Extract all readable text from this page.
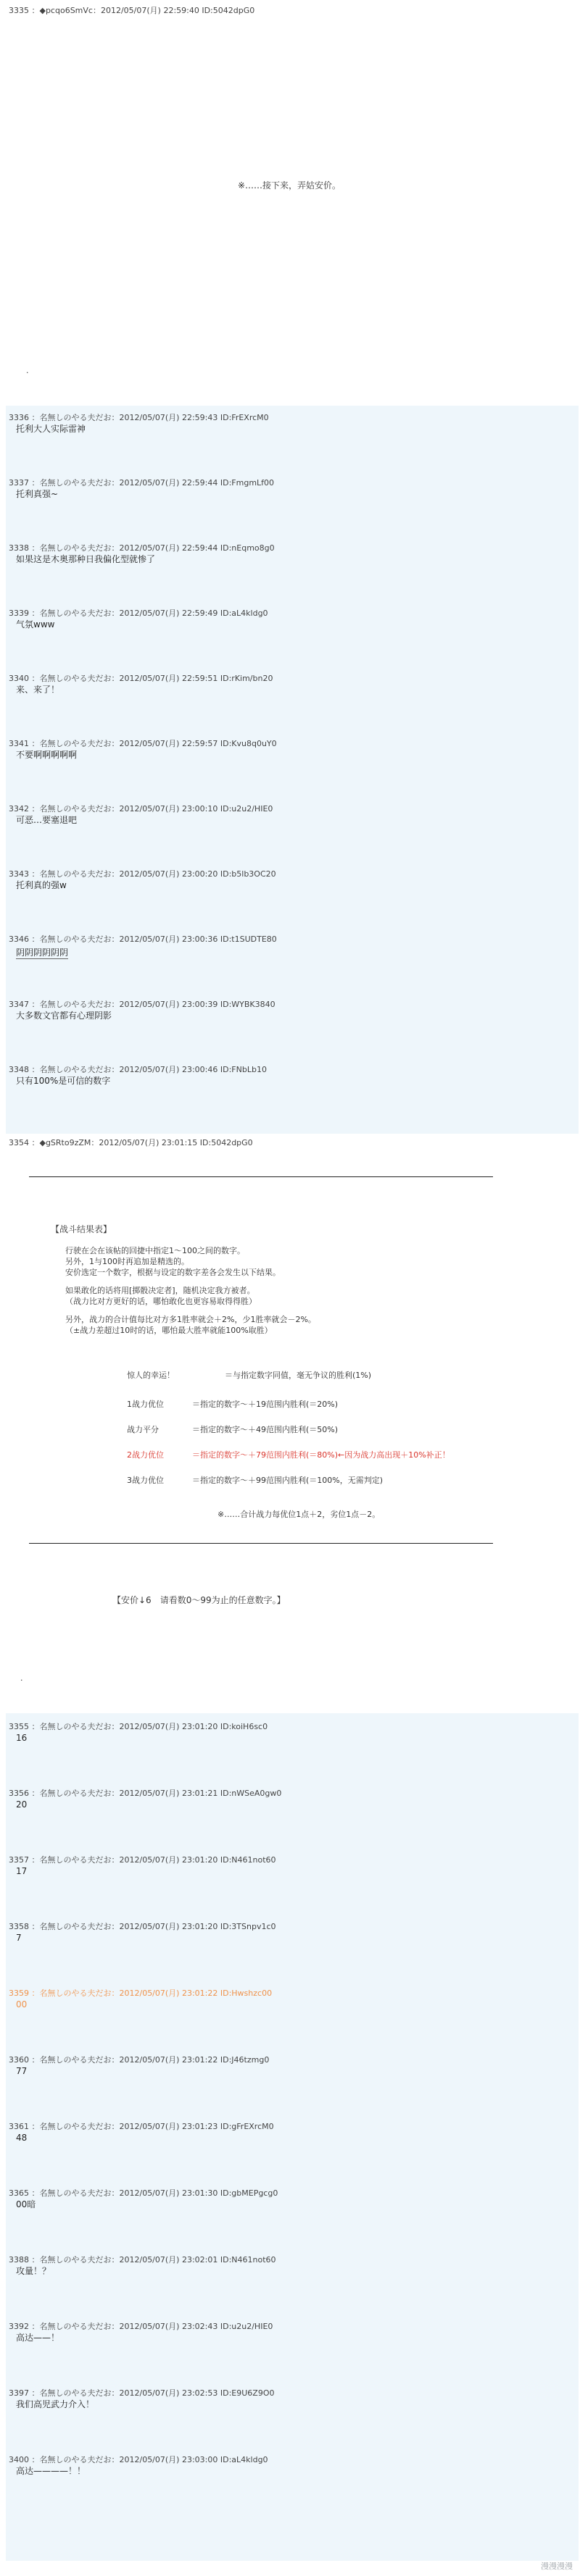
3335 ：◆pcqo6SmVc：2012/05/07(月) 22:59:40 ID:5042dpG0
※……接下来，弄姑安价。
.
3336 ：名無しのやる夫だお：2012/05/07(月) 22:59:43 ID:FrEXrcM0
托利大人实际雷神
3337 ：名無しのやる夫だお：2012/05/07(月) 22:59:44 ID:FmgmLf00
托利真强~
3338 ：名無しのやる夫だお：2012/05/07(月) 22:59:44 ID:nEqmo8g0
如果这是木奥那种日我偏化型就惨了
3339 ：名無しのやる夫だお：2012/05/07(月) 22:59:49 ID:aL4kldg0
气氛www
3340 ：名無しのやる夫だお：2012/05/07(月) 22:59:51 ID:rKim/bn20
来、来了！
3341 ：名無しのやる夫だお：2012/05/07(月) 22:59:57 ID:Kvu8q0uY0
不要啊啊啊啊啊
3342 ：名無しのやる夫だお：2012/05/07(月) 23:00:10 ID:u2u2/HIE0
可恶…要塞退吧
3343 ：名無しのやる夫だお：2012/05/07(月) 23:00:20 ID:b5lb3OC20
托利真的强w
3346 ：名無しのやる夫だお：2012/05/07(月) 23:00:36 ID:t1SUDTE80
阴阴阴阴阴阴
3347 ：名無しのやる夫だお：2012/05/07(月) 23:00:39 ID:WYBK3840
大多数文官都有心理阴影
3348 ：名無しのやる夫だお：2012/05/07(月) 23:00:46 ID:FNbLb10
只有100%是可信的数字
3354 ：◆gSRto9zZM：2012/05/07(月) 23:01:15 ID:5042dpG0
【战斗结果表】
行驶在会在该帖的回捷中指定1～100之间的数字。
另外，1与100时再追加是精选的。
安价选定一个数字，根据与设定的数字差各会发生以下结果。
如果敢化的话将用[掷骰决定者]，随机决定我方被者。
（战力比对方更好的话，哪怕敢化也更容易取得得胜）
另外，战力的合计值每比对方多1胜率就会＋2%，少1胜率就会－2%。
（±战力差超过10时的话，哪怕最大胜率就能100%取胜）
惊人的幸运！	＝与指定数字同值，毫无争议的胜利(1%)
1战力优位	＝指定的数字～＋19范围内胜利(＝20%)
战力平分	＝指定的数字～＋49范围内胜利(＝50%)
2战力优位	＝指定的数字～＋79范围内胜利(＝80%)←因为战力高出现＋10%补正！
3战力优位	＝指定的数字～＋99范围内胜利(＝100%，无需判定)
※……合计战力每优位1点＋2，劣位1点－2。
【安价↓6　请看数0～99为止的任意数字。】
.
3355 ：名無しのやる夫だお：2012/05/07(月) 23:01:20 ID:koiH6sc0
16
3356 ：名無しのやる夫だお：2012/05/07(月) 23:01:21 ID:nWSeA0gw0
20
3357 ：名無しのやる夫だお：2012/05/07(月) 23:01:20 ID:N461not60
17
3358 ：名無しのやる夫だお：2012/05/07(月) 23:01:20 ID:3TSnpv1c0
7
3359 ：名無しのやる夫だお：2012/05/07(月) 23:01:22 ID:Hwshzc00
00
3360 ：名無しのやる夫だお：2012/05/07(月) 23:01:22 ID:J46tzmg0
77
3361 ：名無しのやる夫だお：2012/05/07(月) 23:01:23 ID:gFrEXrcM0
48
3365 ：名無しのやる夫だお：2012/05/07(月) 23:01:30 ID:gbMEPgcg0
00暗
3388 ：名無しのやる夫だお：2012/05/07(月) 23:02:01 ID:N461not60
攻量！？
3392 ：名無しのやる夫だお：2012/05/07(月) 23:02:43 ID:u2u2/HIE0
高达——！
3397 ：名無しのやる夫だお：2012/05/07(月) 23:02:53 ID:E9U6Z9O0
我们高児武力介入！
3400 ：名無しのやる夫だお：2012/05/07(月) 23:03:00 ID:aL4kldg0
高达————！！
漫漫漫漫
